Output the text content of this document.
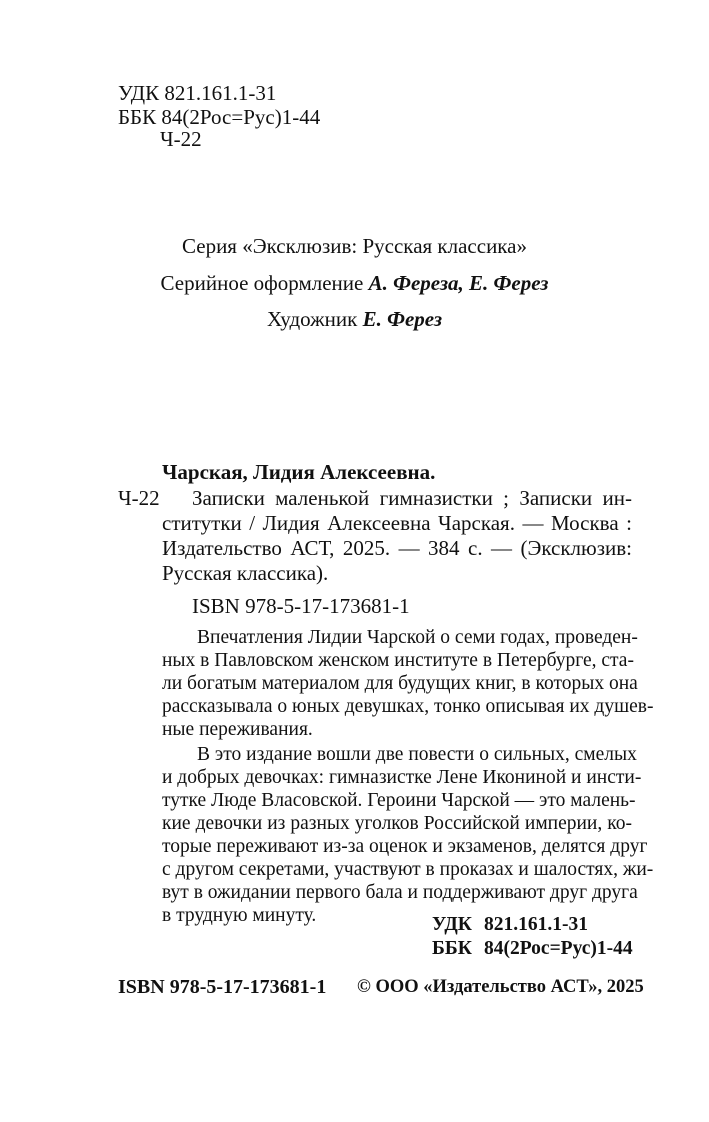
УДК 821.161.1-31
ББК 84(2Рос=Рус)1-44
Ч-22
Серия «Эксклюзив: Русская классика»
Серийное оформление А. Фереза, Е. Ферез
Художник Е. Ферез
Чарская, Лидия Алексеевна.
Ч-22 Записки маленькой гимназистки ; Записки ин-
ститутки / Лидия Алексеевна Чарская. — Москва :
Издательство АСТ, 2025. — 384 с. — (Эксклюзив:
Русская классика).
ISBN 978-5-17-173681-1
Впечатления Лидии Чарской о семи годах, проведен-
ных в Павловском женском институте в Петербурге, ста-
ли богатым материалом для будущих книг, в которых она
рассказывала о юных девушках, тонко описывая их душев-
ные переживания.
В это издание вошли две повести о сильных, смелых
и добрых девочках: гимназистке Лене Икониной и инсти-
тутке Люде Власовской. Героини Чарской — это малень-
кие девочки из разных уголков Российской империи, ко-
торые переживают из-за оценок и экзаменов, делятся друг
с другом секретами, участвуют в проказах и шалостях, жи-
вут в ожидании первого бала и поддерживают друг друга
в трудную минуту.	УДК 821.161.1-31
ББК 84(2Рос=Рус)1-44
ISBN 978-5-17-173681-1 © ООО «Издательство АСТ», 2025
